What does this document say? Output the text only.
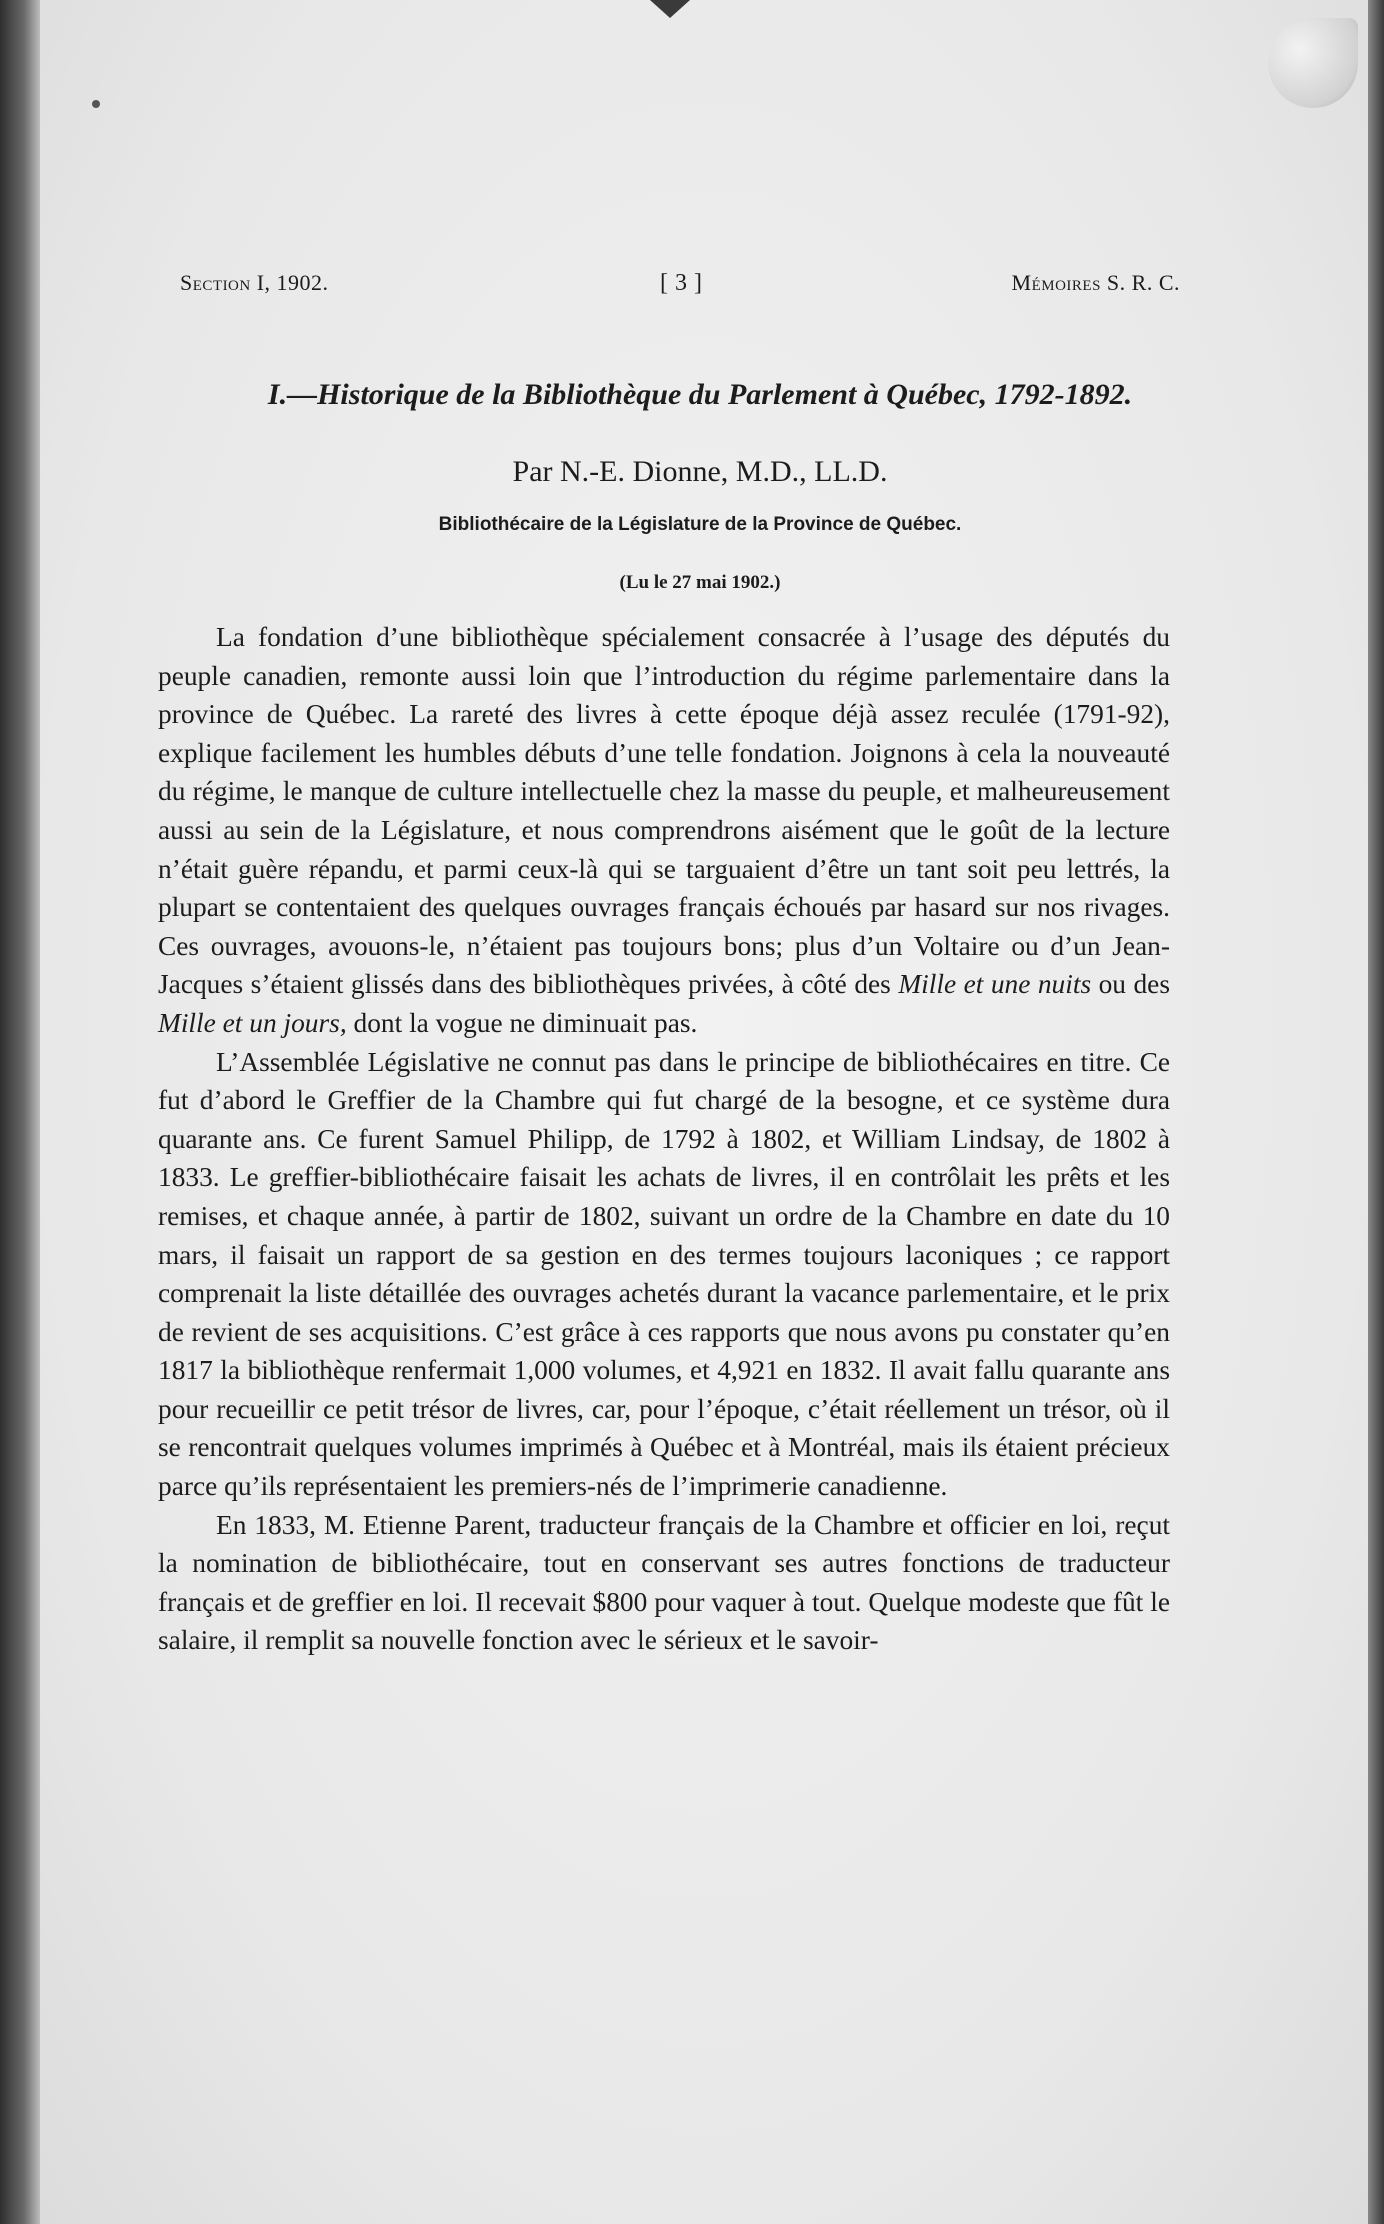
Section I, 1902.	[ 3 ]	Mémoires S. R. C.
I.—Historique de la Bibliothèque du Parlement à Québec, 1792-1892.
Par N.-E. Dionne, M.D., LL.D.
Bibliothécaire de la Législature de la Province de Québec.
(Lu le 27 mai 1902.)

La fondation d’une bibliothèque spécialement consacrée à l’usage des députés du peuple canadien, remonte aussi loin que l’introduction du régime parlementaire dans la province de Québec. La rareté des livres à cette époque déjà assez reculée (1791-92), explique facilement les humbles débuts d’une telle fondation. Joignons à cela la nouveauté du régime, le manque de culture intellectuelle chez la masse du peuple, et malheureusement aussi au sein de la Législature, et nous comprendrons aisément que le goût de la lecture n’était guère répandu, et parmi ceux-là qui se targuaient d’être un tant soit peu lettrés, la plupart se contentaient des quelques ouvrages français échoués par hasard sur nos rivages. Ces ouvrages, avouons-le, n’étaient pas toujours bons; plus d’un Voltaire ou d’un Jean-Jacques s’étaient glissés dans des bibliothèques privées, à côté des Mille et une nuits ou des Mille et un jours, dont la vogue ne diminuait pas.

L’Assemblée Législative ne connut pas dans le principe de bibliothécaires en titre. Ce fut d’abord le Greffier de la Chambre qui fut chargé de la besogne, et ce système dura quarante ans. Ce furent Samuel Philipp, de 1792 à 1802, et William Lindsay, de 1802 à 1833. Le greffier-bibliothécaire faisait les achats de livres, il en contrôlait les prêts et les remises, et chaque année, à partir de 1802, suivant un ordre de la Chambre en date du 10 mars, il faisait un rapport de sa gestion en des termes toujours laconiques ; ce rapport comprenait la liste détaillée des ouvrages achetés durant la vacance parlementaire, et le prix de revient de ses acquisitions. C’est grâce à ces rapports que nous avons pu constater qu’en 1817 la bibliothèque renfermait 1,000 volumes, et 4,921 en 1832. Il avait fallu quarante ans pour recueillir ce petit trésor de livres, car, pour l’époque, c’était réellement un trésor, où il se rencontrait quelques volumes imprimés à Québec et à Montréal, mais ils étaient précieux parce qu’ils représentaient les premiers-nés de l’imprimerie canadienne.

En 1833, M. Etienne Parent, traducteur français de la Chambre et officier en loi, reçut la nomination de bibliothécaire, tout en conservant ses autres fonctions de traducteur français et de greffier en loi. Il recevait $800 pour vaquer à tout. Quelque modeste que fût le salaire, il remplit sa nouvelle fonction avec le sérieux et le savoir-
